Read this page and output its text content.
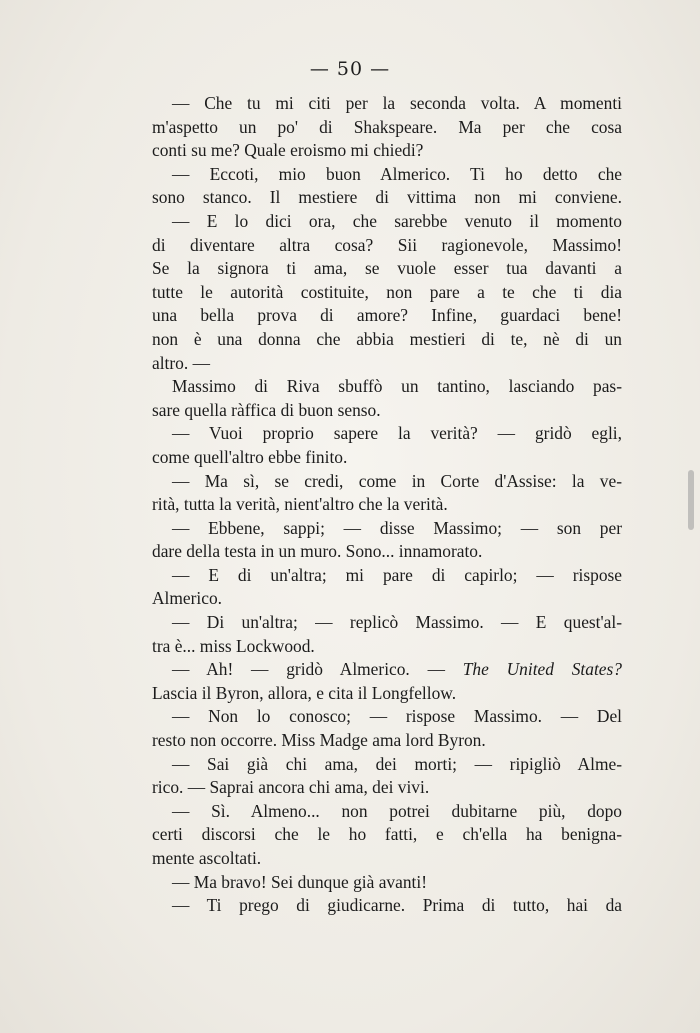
— 50 —
— Che tu mi citi per la seconda volta. A momenti
m'aspetto un po' di Shakspeare. Ma per che cosa
conti su me? Quale eroismo mi chiedi?
— Eccoti, mio buon Almerico. Ti ho detto che
sono stanco. Il mestiere di vittima non mi conviene.
— E lo dici ora, che sarebbe venuto il momento
di diventare altra cosa? Sii ragionevole, Massimo!
Se la signora ti ama, se vuole esser tua davanti a
tutte le autorità costituite, non pare a te che ti dia
una bella prova di amore? Infine, guardaci bene!
non è una donna che abbia mestieri di te, nè di un
altro. —
Massimo di Riva sbuffò un tantino, lasciando pas-
sare quella ràffica di buon senso.
— Vuoi proprio sapere la verità? — gridò egli,
come quell'altro ebbe finito.
— Ma sì, se credi, come in Corte d'Assise: la ve-
rità, tutta la verità, nient'altro che la verità.
— Ebbene, sappi; — disse Massimo; — son per
dare della testa in un muro. Sono... innamorato.
— E di un'altra; mi pare di capirlo; — rispose
Almerico.
— Di un'altra; — replicò Massimo. — E quest'al-
tra è... miss Lockwood.
— Ah! — gridò Almerico. — The United States?
Lascia il Byron, allora, e cita il Longfellow.
— Non lo conosco; — rispose Massimo. — Del
resto non occorre. Miss Madge ama lord Byron.
— Sai già chi ama, dei morti; — ripigliò Alme-
rico. — Saprai ancora chi ama, dei vivi.
— Sì. Almeno... non potrei dubitarne più, dopo
certi discorsi che le ho fatti, e ch'ella ha benigna-
mente ascoltati.
— Ma bravo! Sei dunque già avanti!
— Ti prego di giudicarne. Prima di tutto, hai da
